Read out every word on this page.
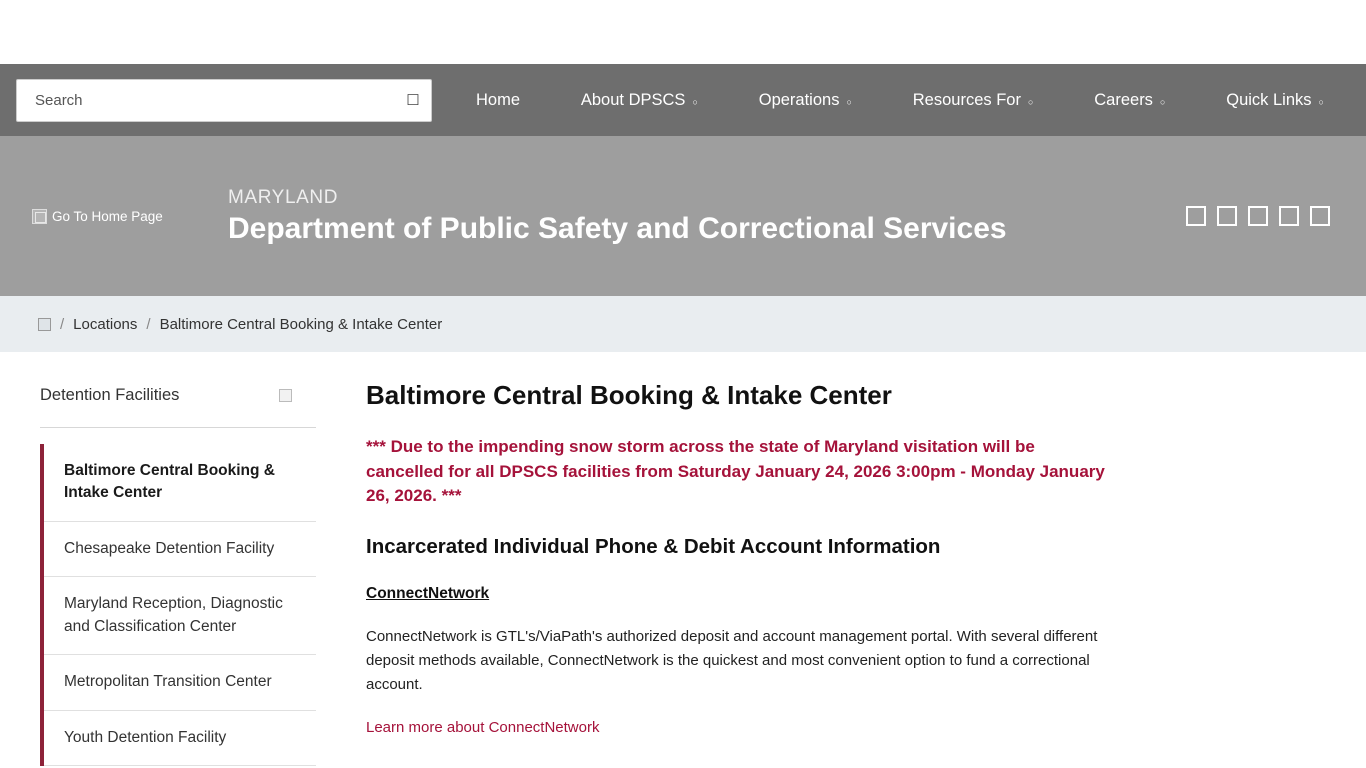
Search
☐	Home	About DPSCS ○	Operations ○	Resources For ○	Careers ○	Quick Links ○
Go To Home Page
MARYLAND
Department of Public Safety and Correctional Services
/ Locations / Baltimore Central Booking & Intake Center
Detention Facilities
Baltimore Central Booking & Intake Center
Chesapeake Detention Facility
Maryland Reception, Diagnostic and Classification Center
Metropolitan Transition Center
Youth Detention Facility
Baltimore Central Booking & Intake Center

*** Due to the impending snow storm across the state of Maryland visitation will be cancelled for all DPSCS facilities from Saturday January 24, 2026 3:00pm - Monday January 26, 2026. ***

Incarcerated Individual Phone & Debit Account Information
ConnectNetwork

ConnectNetwork is GTL's/ViaPath's authorized deposit and account management portal. With several different deposit methods available, ConnectNetwork is the quickest and most convenient option to fund a correctional account.

Learn more about ConnectNetwork
